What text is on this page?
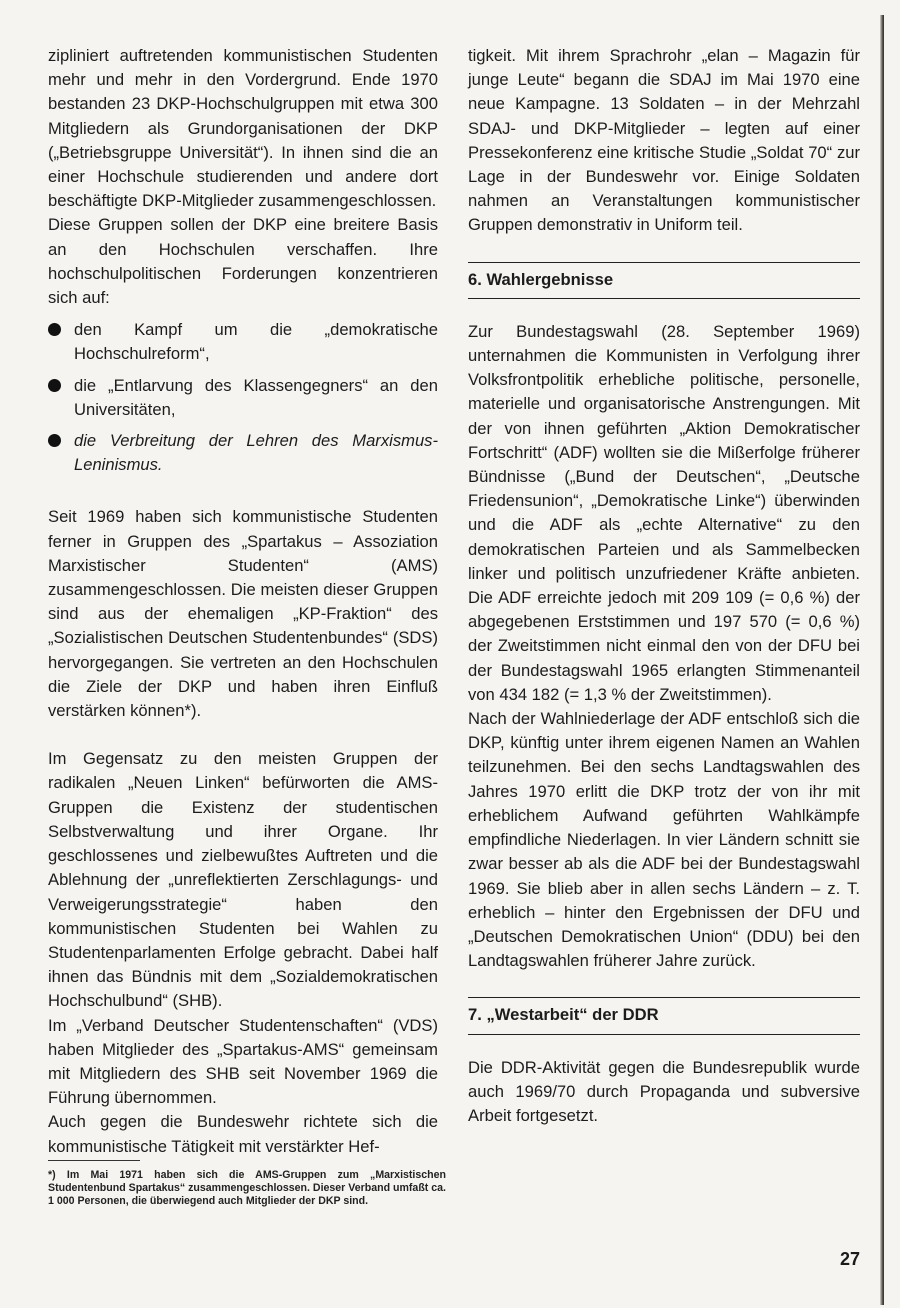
zipliniert auftretenden kommunistischen Studenten mehr und mehr in den Vordergrund. Ende 1970 bestanden 23 DKP-Hochschulgruppen mit etwa 300 Mitgliedern als Grundorganisationen der DKP („Betriebsgruppe Universität“). In ihnen sind die an einer Hochschule studierenden und andere dort beschäftigte DKP-Mitglieder zusammengeschlossen.

Diese Gruppen sollen der DKP eine breitere Basis an den Hochschulen verschaffen. Ihre hochschulpolitischen Forderungen konzentrieren sich auf:

den Kampf um die „demokratische Hochschulreform“,
die „Entlarvung des Klassengegners“ an den Universitäten,
die Verbreitung der Lehren des Marxismus-Leninismus.

Seit 1969 haben sich kommunistische Studenten ferner in Gruppen des „Spartakus – Assoziation Marxistischer Studenten“ (AMS) zusammengeschlossen. Die meisten dieser Gruppen sind aus der ehemaligen „KP-Fraktion“ des „Sozialistischen Deutschen Studentenbundes“ (SDS) hervorgegangen. Sie vertreten an den Hochschulen die Ziele der DKP und haben ihren Einfluß verstärken können*).

Im Gegensatz zu den meisten Gruppen der radikalen „Neuen Linken“ befürworten die AMS-Gruppen die Existenz der studentischen Selbstverwaltung und ihrer Organe. Ihr geschlossenes und zielbewußtes Auftreten und die Ablehnung der „unreflektierten Zerschlagungs- und Verweigerungsstrategie“ haben den kommunistischen Studenten bei Wahlen zu Studentenparlamenten Erfolge gebracht. Dabei half ihnen das Bündnis mit dem „Sozialdemokratischen Hochschulbund“ (SHB).

Im „Verband Deutscher Studentenschaften“ (VDS) haben Mitglieder des „Spartakus-AMS“ gemeinsam mit Mitgliedern des SHB seit November 1969 die Führung übernommen.

Auch gegen die Bundeswehr richtete sich die kommunistische Tätigkeit mit verstärkter Hef-

*) Im Mai 1971 haben sich die AMS-Gruppen zum „Marxistischen Studentenbund Spartakus“ zusammengeschlossen. Dieser Verband umfaßt ca. 1 000 Personen, die überwiegend auch Mitglieder der DKP sind.

tigkeit. Mit ihrem Sprachrohr „elan – Magazin für junge Leute“ begann die SDAJ im Mai 1970 eine neue Kampagne. 13 Soldaten – in der Mehrzahl SDAJ- und DKP-Mitglieder – legten auf einer Pressekonferenz eine kritische Studie „Soldat 70“ zur Lage in der Bundeswehr vor. Einige Soldaten nahmen an Veranstaltungen kommunistischer Gruppen demonstrativ in Uniform teil.

6. Wahlergebnisse

Zur Bundestagswahl (28. September 1969) unternahmen die Kommunisten in Verfolgung ihrer Volksfrontpolitik erhebliche politische, personelle, materielle und organisatorische Anstrengungen. Mit der von ihnen geführten „Aktion Demokratischer Fortschritt“ (ADF) wollten sie die Mißerfolge früherer Bündnisse („Bund der Deutschen“, „Deutsche Friedensunion“, „Demokratische Linke“) überwinden und die ADF als „echte Alternative“ zu den demokratischen Parteien und als Sammelbecken linker und politisch unzufriedener Kräfte anbieten. Die ADF erreichte jedoch mit 209 109 (= 0,6 %) der abgegebenen Erststimmen und 197 570 (= 0,6 %) der Zweitstimmen nicht einmal den von der DFU bei der Bundestagswahl 1965 erlangten Stimmenanteil von 434 182 (= 1,3 % der Zweitstimmen).

Nach der Wahlniederlage der ADF entschloß sich die DKP, künftig unter ihrem eigenen Namen an Wahlen teilzunehmen. Bei den sechs Landtagswahlen des Jahres 1970 erlitt die DKP trotz der von ihr mit erheblichem Aufwand geführten Wahlkämpfe empfindliche Niederlagen. In vier Ländern schnitt sie zwar besser ab als die ADF bei der Bundestagswahl 1969. Sie blieb aber in allen sechs Ländern – z. T. erheblich – hinter den Ergebnissen der DFU und „Deutschen Demokratischen Union“ (DDU) bei den Landtagswahlen früherer Jahre zurück.

7. „Westarbeit“ der DDR

Die DDR-Aktivität gegen die Bundesrepublik wurde auch 1969/70 durch Propaganda und subversive Arbeit fortgesetzt.

27
